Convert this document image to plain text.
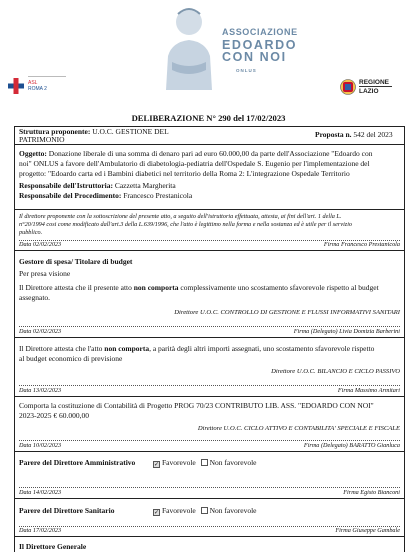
ASSOCIAZIONE
EDOARDO
CON NOI
ONLUS
ASL
ROMA 2
REGIONE
LAZIO
DELIBERAZIONE N° 290 del 17/02/2023
Struttura proponente: U.O.C. GESTIONE DEL
PATRIMONIO
Proposta n. 542 del 2023
Oggetto: Donazione liberale di una somma di denaro pari ad euro 60.000,00 da parte dell'Associazione "Edoardo con
noi" ONLUS a favore dell'Ambulatorio di diabetologia-pediatria dell'Ospedale S. Eugenio per l'implementazione del
progetto: "Edoardo carta ed i Bambini diabetici nel territorio della Roma 2: L'integrazione Ospedale Territorio
Responsabile dell'Istruttoria: Cazzetta Margherita
Responsabile del Procedimento: Francesco Prestanicola
Il direttore proponente con la sottoscrizione del presente atto, a seguito dell'istruttoria effettuata, attesta, ai fini dell'art. 1 della L.
n°20/1994 cosi come modificato dall'art.3 della L.639/1996, che l'atto è legittimo nella forma e nella sostanza ed è utile per il servizio
pubblico.
Data 02/02/2023	Firma Francesco Prestanicola
Gestore di spesa/ Titolare di budget
Per presa visione
Il Direttore attesta che il presente atto non comporta complessivamente uno scostamento sfavorevole rispetto al budget
assegnato.
Direttore U.O.C. CONTROLLO DI GESTIONE E FLUSSI INFORMATIVI SANITARI
Data 02/02/2023	Firma (Delegato) Livia Domizia Barberini
Il Direttore attesta che l'atto non comporta, a parità degli altri importi assegnati, uno scostamento sfavorevole rispetto
al budget economico di previsione
Direttore U.O.C. BILANCIO E CICLO PASSIVO
Data 13/02/2023	Firma Massimo Armitari
Comporta la costituzione di Contabilità di Progetto PROG 70/23 CONTRIBUTO LIB. ASS. "EDOARDO CON NOI"
2023-2025 € 60.000,00
Direttore U.O.C. CICLO ATTIVO E CONTABILITA' SPECIALE E FISCALE
Data 10/02/2023	Firma (Delegato) BARATTO Gianluca
Parere del Direttore Amministrativo	✓ Favorevole Non favorevole
Data 14/02/2023	Firma Egisto Bianconi
Parere del Direttore Sanitario	✓ Favorevole Non favorevole
Data 17/02/2023	Firma Giuseppe Gambale
Il Direttore Generale
